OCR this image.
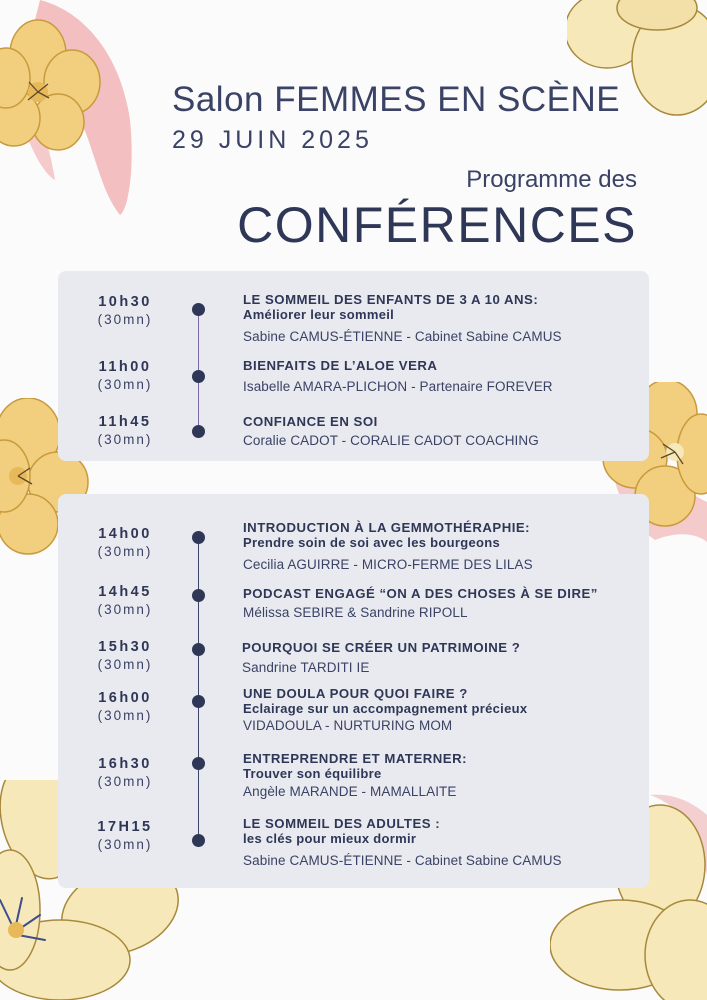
Salon FEMMES EN SCÈNE
29 JUIN 2025
Programme des
CONFÉRENCES
10h30
(30mn)
LE SOMMEIL DES ENFANTS DE 3 A 10 ANS:
Améliorer leur sommeil
Sabine CAMUS-ÉTIENNE - Cabinet Sabine CAMUS
11h00
(30mn)
BIENFAITS DE L’ALOE VERA
Isabelle AMARA-PLICHON - Partenaire FOREVER
11h45
(30mn)
CONFIANCE EN SOI
Coralie CADOT - CORALIE CADOT COACHING
14h00
(30mn)
INTRODUCTION À LA GEMMOTHÉRAPHIE:
Prendre soin de soi avec les bourgeons
Cecilia AGUIRRE - MICRO-FERME DES LILAS
14h45
(30mn)
PODCAST ENGAGÉ “ON A DES CHOSES À SE DIRE”
Mélissa SEBIRE & Sandrine RIPOLL
15h30
(30mn)
POURQUOI SE CRÉER UN PATRIMOINE ?
Sandrine TARDITI IE
16h00
(30mn)
UNE DOULA POUR QUOI FAIRE ?
Eclairage sur un accompagnement précieux
VIDADOULA - NURTURING MOM
16h30
(30mn)
ENTREPRENDRE ET MATERNER:
Trouver son équilibre
Angèle MARANDE - MAMALLAITE
17H15
(30mn)
LE SOMMEIL DES ADULTES :
les clés pour mieux dormir
Sabine CAMUS-ÉTIENNE - Cabinet Sabine CAMUS
